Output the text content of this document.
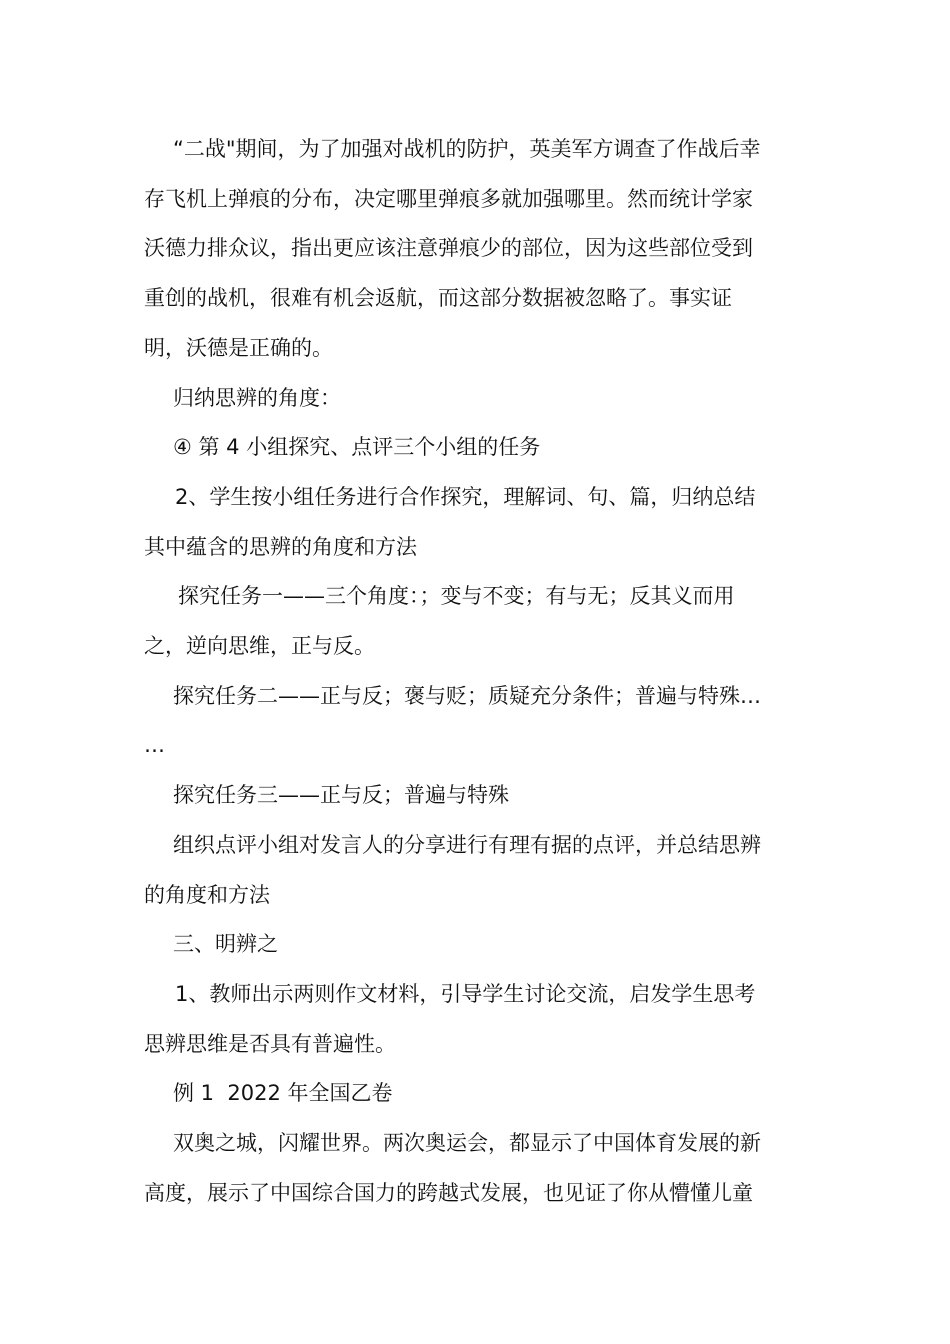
“二战"期间，为了加强对战机的防护，英美军方调查了作战后幸
存飞机上弹痕的分布，决定哪里弹痕多就加强哪里。然而统计学家
沃德力排众议，指出更应该注意弹痕少的部位，因为这些部位受到
重创的战机，很难有机会返航，而这部分数据被忽略了。事实证
明，沃德是正确的。
归纳思辨的角度：
④ 第 4 小组探究、点评三个小组的任务
2、学生按小组任务进行合作探究，理解词、句、篇，归纳总结
其中蕴含的思辨的角度和方法
探究任务一——三个角度：；变与不变；有与无；反其义而用
之，逆向思维，正与反。
探究任务二——正与反；褒与贬；质疑充分条件；普遍与特殊…
…
探究任务三——正与反；普遍与特殊
组织点评小组对发言人的分享进行有理有据的点评，并总结思辨
的角度和方法
三、明辨之
1、教师出示两则作文材料，引导学生讨论交流，启发学生思考
思辨思维是否具有普遍性。
例 1  2022 年全国乙卷
双奥之城，闪耀世界。两次奥运会，都显示了中国体育发展的新
高度，展示了中国综合国力的跨越式发展，也见证了你从懵懂儿童
